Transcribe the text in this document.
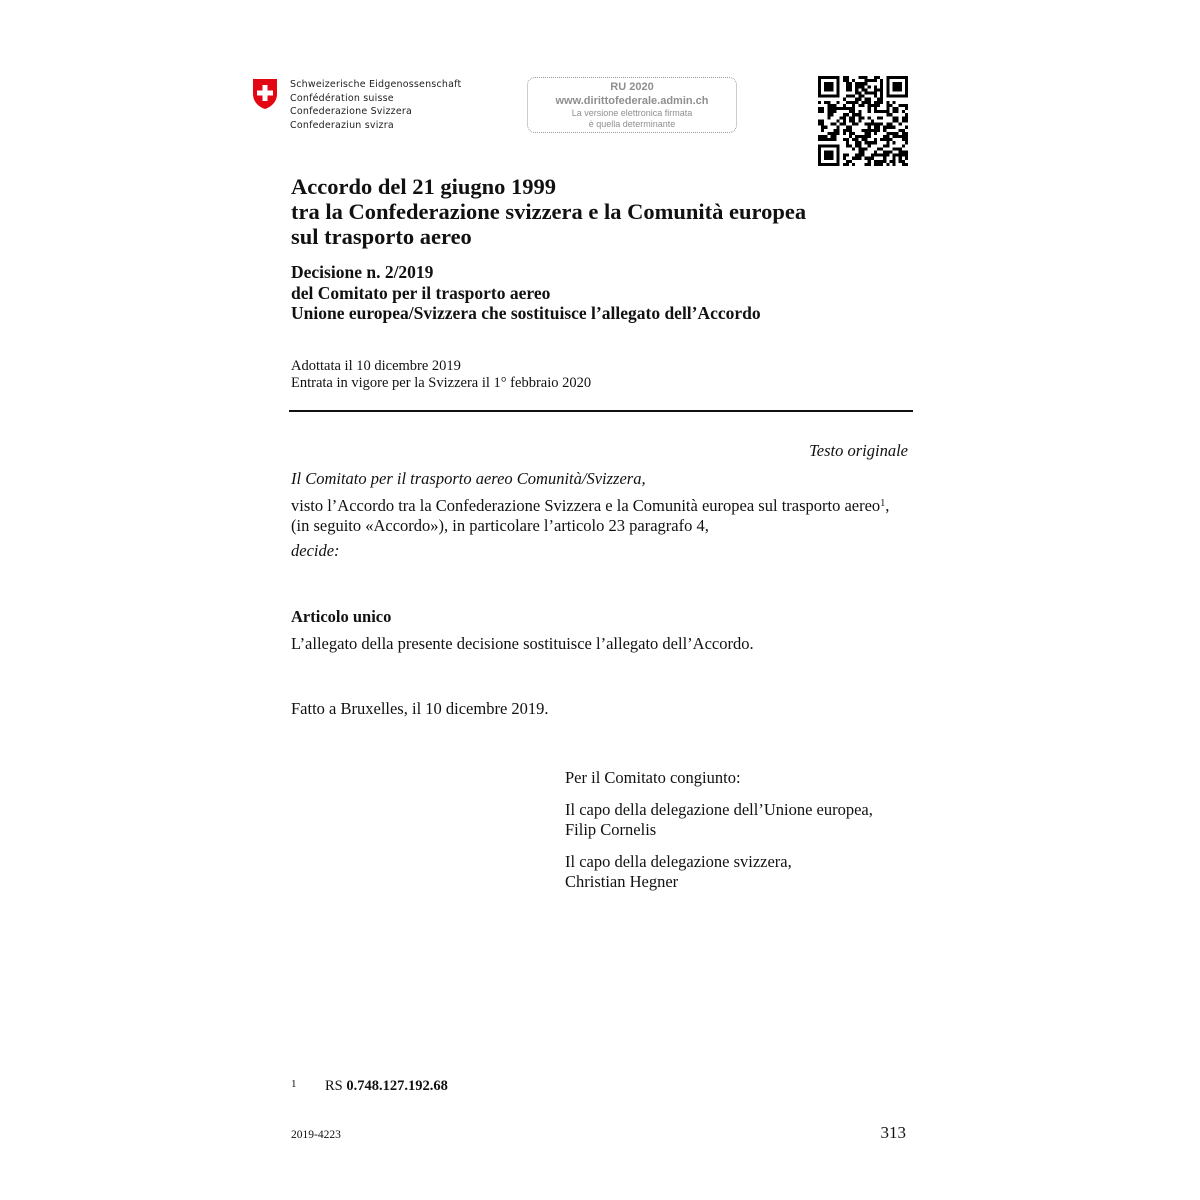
Schweizerische Eidgenossenschaft
Confédération suisse
Confederazione Svizzera
Confederaziun svizra
RU 2020
www.dirittofederale.admin.ch
La versione elettronica firmata
è quella determinante
Accordo del 21 giugno 1999
tra la Confederazione svizzera e la Comunità europea
sul trasporto aereo
Decisione n. 2/2019
del Comitato per il trasporto aereo
Unione europea/Svizzera che sostituisce l’allegato dell’Accordo
Adottata il 10 dicembre 2019
Entrata in vigore per la Svizzera il 1° febbraio 2020
Testo originale
Il Comitato per il trasporto aereo Comunità/Svizzera,
visto l’Accordo tra la Confederazione Svizzera e la Comunità europea sul trasporto aereo$^1$, (in seguito «Accordo»), in particolare l’articolo 23 paragrafo 4,
decide:
Articolo unico
L’allegato della presente decisione sostituisce l’allegato dell’Accordo.
Fatto a Bruxelles, il 10 dicembre 2019.
Per il Comitato congiunto:
Il capo della delegazione dell’Unione europea,
Filip Cornelis
Il capo della delegazione svizzera,
Christian Hegner
1 RS 0.748.127.192.68
2019-4223	313
